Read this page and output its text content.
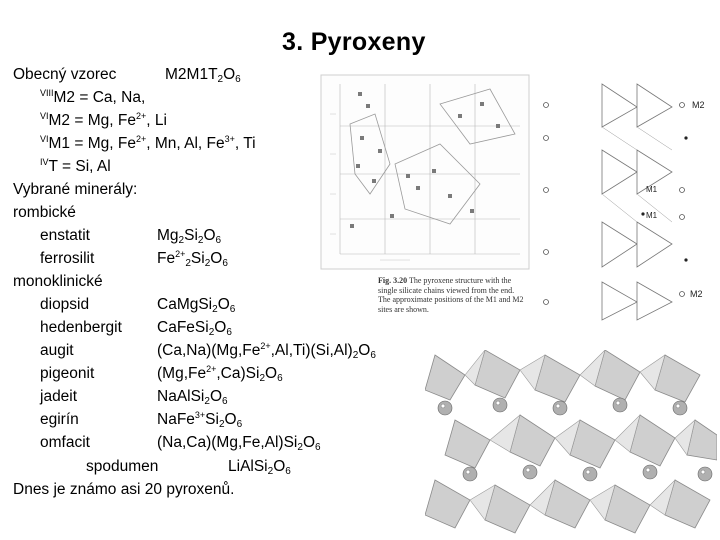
3. Pyroxeny
Obecný vzorec	$M2M1T_2O_6$
$^{VIII}$M2 = Ca, Na,
$^{VI}$M2 = Mg, $Fe^{2+}$, Li
$^{VI}$M1 = Mg, $Fe^{2+}$, Mn, Al, $Fe^{3+}$, Ti
$^{IV}$T = Si, Al
Vybrané minerály:
rombické
enstatit	$Mg_2Si_2O_6$
ferrosilit	$Fe^{2+}_2Si_2O_6$
monoklinické
diopsid	$CaMgSi_2O_6$
hedenbergit $CaFeSi_2O_6$
augit	$(Ca,Na)(Mg,Fe^{2+},Al,Ti)(Si,Al)_2O_6$
pigeonit	$(Mg,Fe^{2+},Ca)Si_2O_6$
jadeit	$NaAlSi_2O_6$
egirín	$NaFe^{3+}Si_2O_6$
omfacit	$(Na,Ca)(Mg,Fe,Al)Si_2O_6$
spodumen	$LiAlSi_2O_6$
Dnes je známo asi 20 pyroxenů.
Fig. 3.20 The pyroxene structure with the single silicate chains viewed from the end. The approximate positions of the M1 and M2 sites are shown.
M2
M1
M1
M2
